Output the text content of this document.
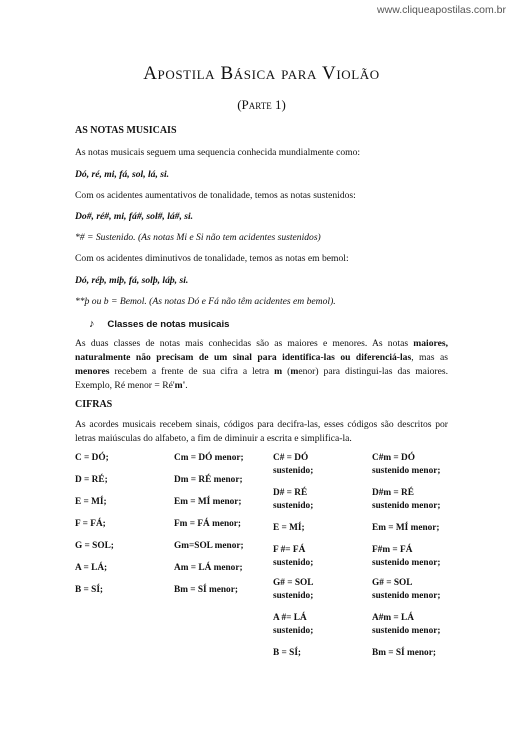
www.cliqueapostilas.com.br
Apostila Básica para Violão
(Parte 1)
AS NOTAS MUSICAIS
As notas musicais seguem uma sequencia conhecida mundialmente como:
Dó, ré, mi, fá, sol, lá, si.
Com os acidentes aumentativos de tonalidade, temos as notas sustenidos:
Do#, ré#, mi, fá#, sol#, lá#, si.
*# = Sustenido. (As notas Mi e Si não tem acidentes sustenidos)
Com os acidentes diminutivos de tonalidade, temos as notas em bemol:
Dó, réþ, miþ, fá, solþ, láþ, si.
**þ ou b = Bemol. (As notas Dó e Fá não têm acidentes em bemol).
♪ Classes de notas musicais
As duas classes de notas mais conhecidas são as maiores e menores. As notas maiores, naturalmente não precisam de um sinal para identifica-las ou diferenciá-las, mas as menores recebem a frente de sua cifra a letra m (menor) para distingui-las das maiores. Exemplo, Ré menor = Ré'm'.
CIFRAS
As acordes musicais recebem sinais, códigos para decifra-las, esses códigos são descritos por letras maiúsculas do alfabeto, a fim de diminuir a escrita e simplifica-la.
C = DÓ;
D = RÉ;
E = MÍ;
F = FÁ;
G = SOL;
A = LÁ;
B = SÍ;
Cm = DÓ menor;
Dm = RÉ menor;
Em = MÍ menor;
Fm = FÁ menor;
Gm=SOL menor;
Am = LÁ menor;
Bm = SÍ menor;
C# = DÓ
sustenido;
D# = RÉ
sustenido;
E = MÍ;
F #= FÁ
sustenido;
G# = SOL
sustenido;
A #= LÁ
sustenido;
B = SÍ;
C#m = DÓ
sustenido menor;
D#m = RÉ
sustenido menor;
Em = MÍ menor;
F#m = FÁ
sustenido menor;
G# = SOL
sustenido menor;
A#m = LÁ
sustenido menor;
Bm = SÍ menor;
